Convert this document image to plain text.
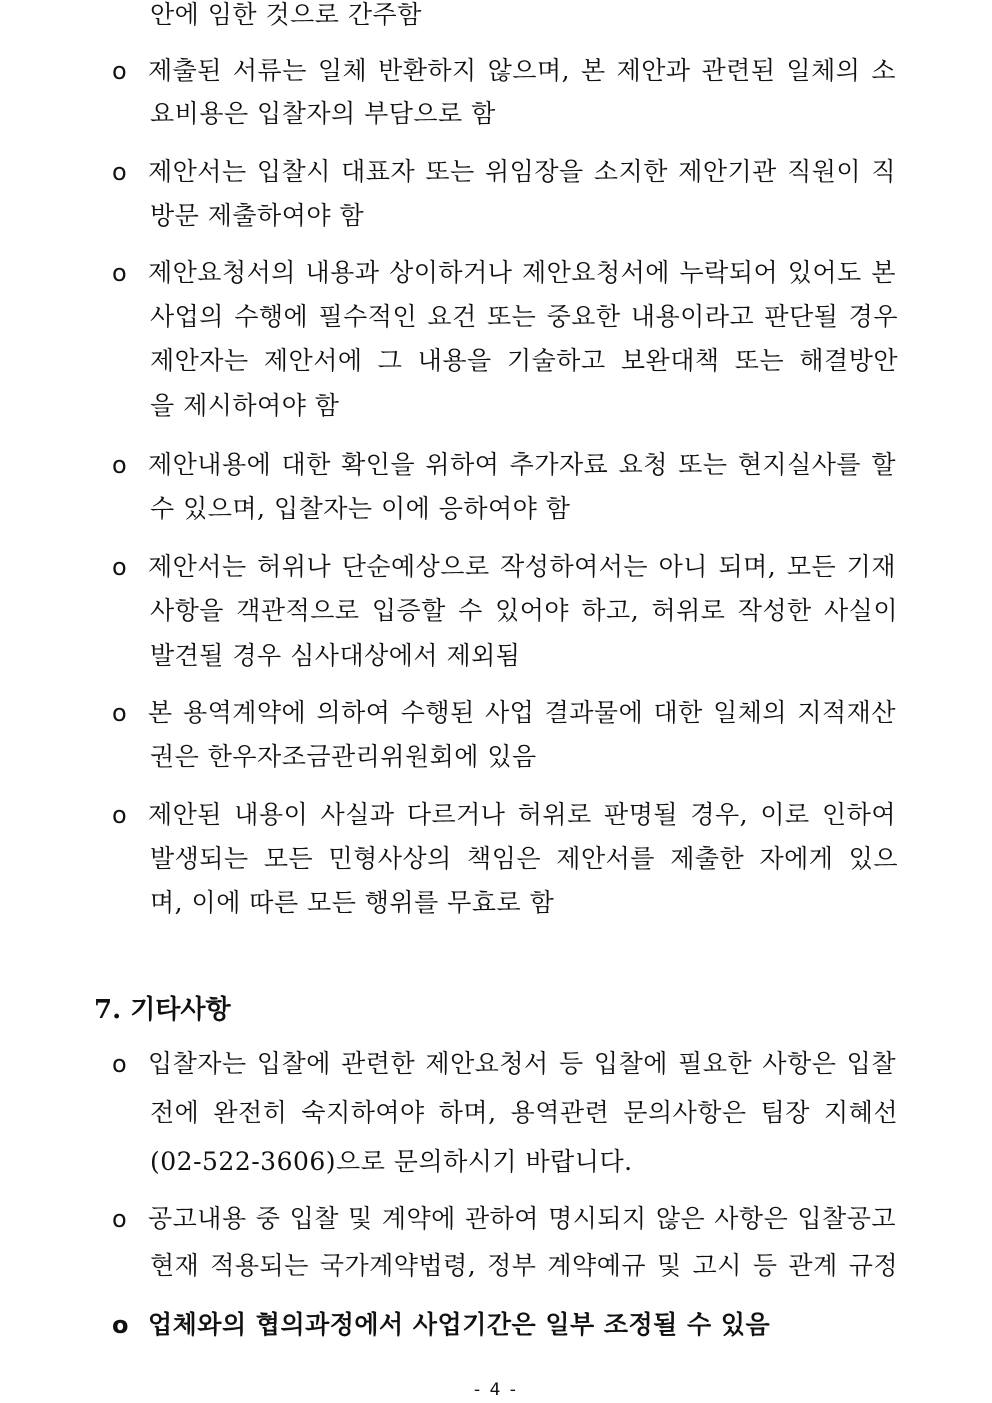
안에 임한 것으로 간주함
o 제출된 서류는 일체 반환하지 않으며, 본 제안과 관련된 일체의 소
요비용은 입찰자의 부담으로 함
o 제안서는 입찰시 대표자 또는 위임장을 소지한 제안기관 직원이 직
방문 제출하여야 함
o 제안요청서의 내용과 상이하거나 제안요청서에 누락되어 있어도 본
사업의 수행에 필수적인 요건 또는 중요한 내용이라고 판단될 경우
제안자는 제안서에 그 내용을 기술하고 보완대책 또는 해결방안
을 제시하여야 함
o 제안내용에 대한 확인을 위하여 추가자료 요청 또는 현지실사를 할
수 있으며, 입찰자는 이에 응하여야 함
o 제안서는 허위나 단순예상으로 작성하여서는 아니 되며, 모든 기재
사항을 객관적으로 입증할 수 있어야 하고, 허위로 작성한 사실이
발견될 경우 심사대상에서 제외됨
o 본 용역계약에 의하여 수행된 사업 결과물에 대한 일체의 지적재산
권은 한우자조금관리위원회에 있음
o 제안된 내용이 사실과 다르거나 허위로 판명될 경우, 이로 인하여
발생되는 모든 민형사상의 책임은 제안서를 제출한 자에게 있으
며, 이에 따른 모든 행위를 무효로 함
7. 기타사항
o 입찰자는 입찰에 관련한 제안요청서 등 입찰에 필요한 사항은 입찰
전에 완전히 숙지하여야 하며, 용역관련 문의사항은 팀장 지혜선
(02-522-3606)으로 문의하시기 바랍니다.
o 공고내용 중 입찰 및 계약에 관하여 명시되지 않은 사항은 입찰공고
현재 적용되는 국가계약법령, 정부 계약예규 및 고시 등 관계 규정
o 업체와의 협의과정에서 사업기간은 일부 조정될 수 있음
- 4 -
